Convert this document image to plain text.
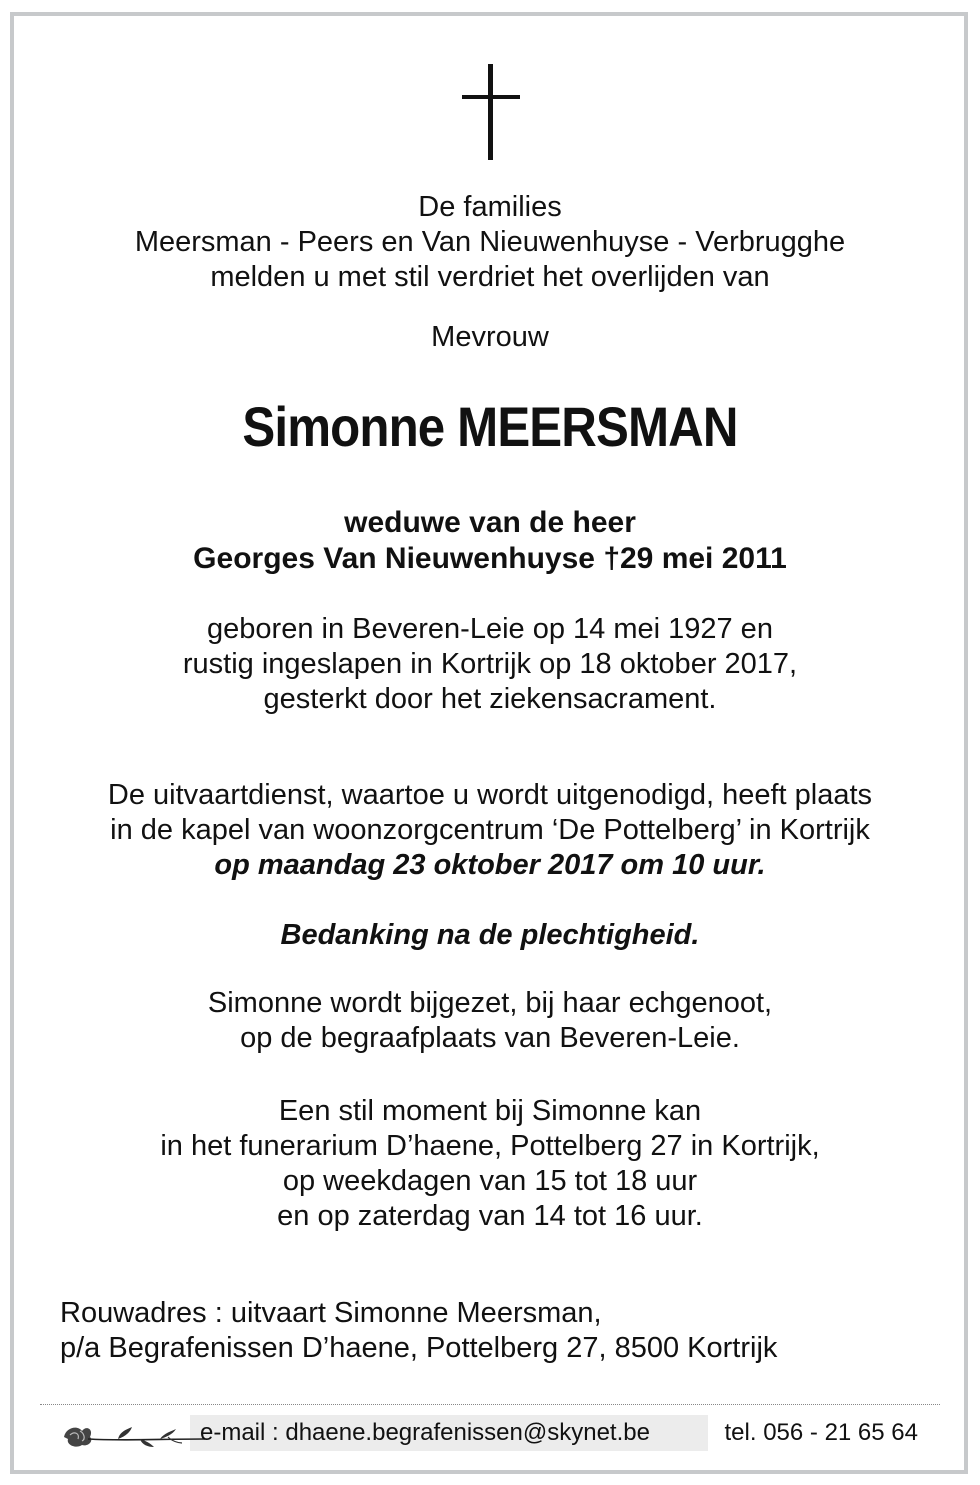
De families
Meersman - Peers en Van Nieuwenhuyse - Verbrugghe
melden u met stil verdriet het overlijden van
Mevrouw
Simonne MEERSMAN
weduwe van de heer
Georges Van Nieuwenhuyse †29 mei 2011
geboren in Beveren-Leie op 14 mei 1927 en
rustig ingeslapen in Kortrijk op 18 oktober 2017,
gesterkt door het ziekensacrament.
De uitvaartdienst, waartoe u wordt uitgenodigd, heeft plaats
in de kapel van woonzorgcentrum ‘De Pottelberg’ in Kortrijk
op maandag 23 oktober 2017 om 10 uur.
Bedanking na de plechtigheid.
Simonne wordt bijgezet, bij haar echgenoot,
op de begraafplaats van Beveren-Leie.
Een stil moment bij Simonne kan
in het funerarium D’haene, Pottelberg 27 in Kortrijk,
op weekdagen van 15 tot 18 uur
en op zaterdag van 14 tot 16 uur.
Rouwadres : uitvaart Simonne Meersman,
p/a Begrafenissen D’haene, Pottelberg 27, 8500 Kortrijk
e-mail : dhaene.begrafenissen@skynet.be	tel. 056 - 21 65 64
